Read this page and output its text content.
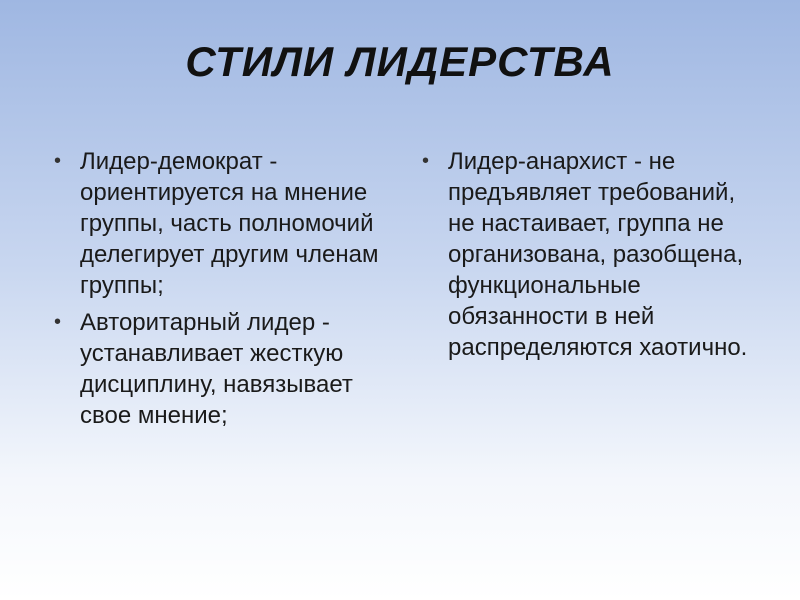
СТИЛИ ЛИДЕРСТВА
• Лидер-демократ - ориентируется на мнение группы, часть полномочий делегирует другим членам группы;
• Авторитарный лидер - устанавливает жесткую дисциплину, навязывает свое мнение;
• Лидер-анархист - не предъявляет требований, не настаивает, группа не организована, разобщена, функциональные обязанности в ней распределяются хаотично.
